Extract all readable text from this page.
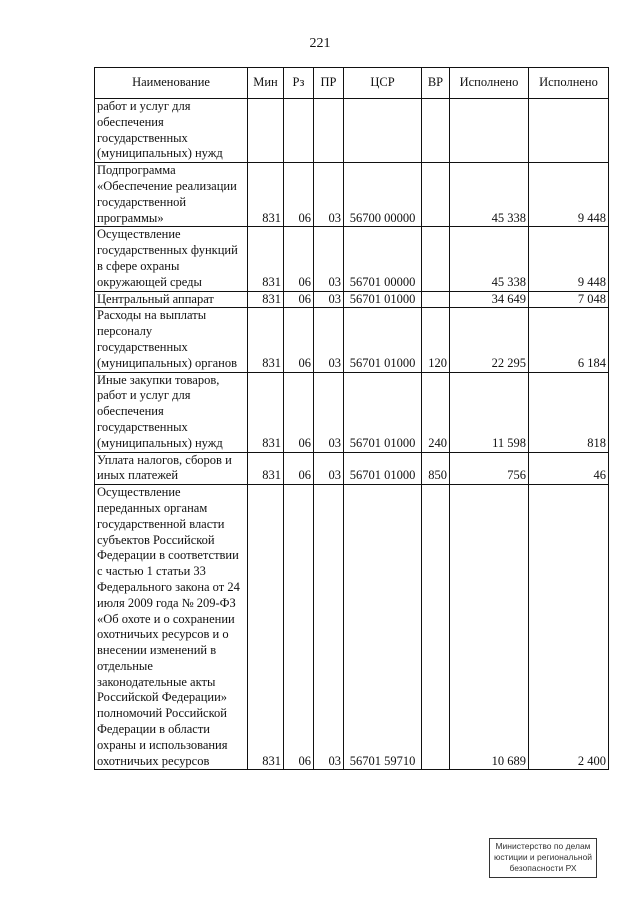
221
Наименование	Мин	Рз	ПР	ЦСР	ВР	Исполнено	Исполнено
работ и услуг для обеспечения государственных (муниципальных) нужд							
Подпрограмма «Обеспечение реализации государственной программы»	831	06	03	56700 00000		45 338	9 448
Осуществление государственных функций в сфере охраны окружающей среды	831	06	03	56701 00000		45 338	9 448
Центральный аппарат	831	06	03	56701 01000		34 649	7 048
Расходы на выплаты персоналу государственных (муниципальных) органов	831	06	03	56701 01000	120	22 295	6 184
Иные закупки товаров, работ и услуг для обеспечения государственных (муниципальных) нужд	831	06	03	56701 01000	240	11 598	818
Уплата налогов, сборов и иных платежей	831	06	03	56701 01000	850	756	46
Осуществление переданных органам государственной власти субъектов Российской Федерации в соответствии с частью 1 статьи 33 Федерального закона от 24 июля 2009 года № 209-ФЗ «Об охоте и о сохранении охотничьих ресурсов и о внесении изменений в отдельные законодательные акты Российской Федерации» полномочий Российской Федерации в области охраны и использования охотничьих ресурсов	831	06	03	56701 59710		10 689	2 400
Министерство по делам
юстиции и региональной
безопасности РХ
